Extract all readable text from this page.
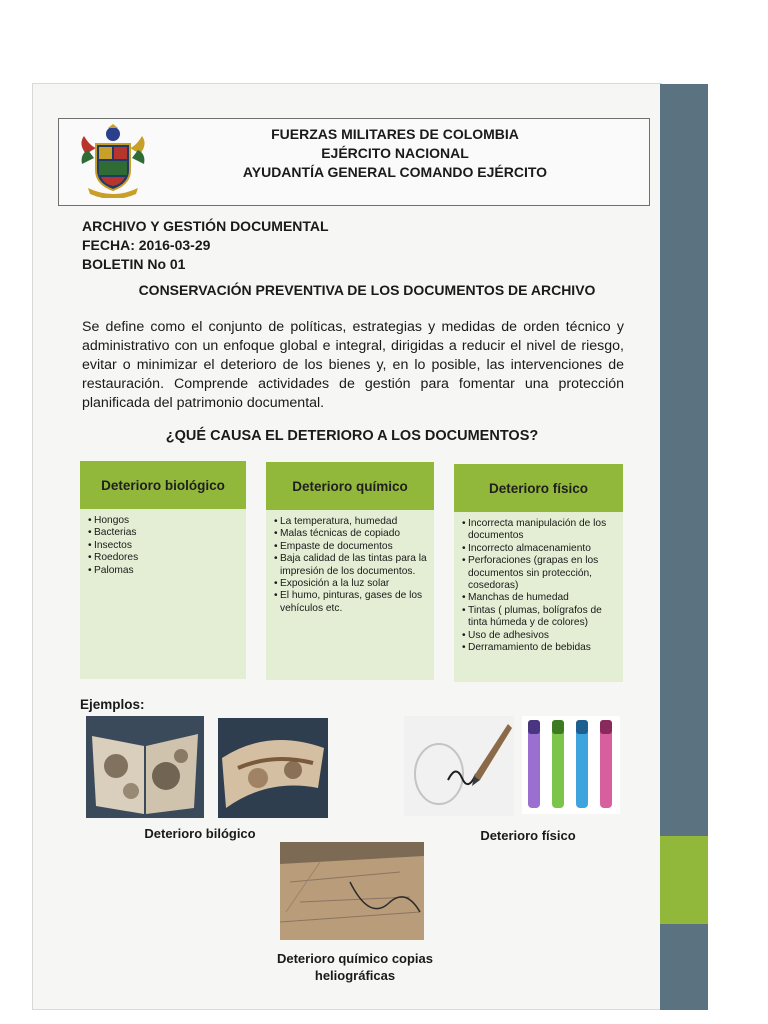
FUERZAS MILITARES DE COLOMBIA
EJÉRCITO NACIONAL
AYUDANTÍA GENERAL COMANDO EJÉRCITO
ARCHIVO Y GESTIÓN DOCUMENTAL
FECHA: 2016-03-29
BOLETIN No 01
CONSERVACIÓN PREVENTIVA DE LOS DOCUMENTOS DE ARCHIVO
Se define como el conjunto de políticas, estrategias y medidas de orden técnico y administrativo con un enfoque global e integral, dirigidas a reducir el nivel de riesgo, evitar o minimizar el deterioro de los bienes y, en lo posible, las intervenciones de restauración. Comprende actividades de gestión para fomentar una protección planificada del patrimonio documental.
¿QUÉ CAUSA EL DETERIORO A LOS DOCUMENTOS?
Deterioro biológico
• Hongos
• Bacterias
• Insectos
• Roedores
• Palomas
Deterioro químico
• La temperatura, humedad
• Malas técnicas de copiado
• Empaste de documentos
• Baja calidad de las tintas para la impresión de los documentos.
• Exposición a la luz solar
• El humo, pinturas, gases de los vehículos etc.
Deterioro físico
• Incorrecta manipulación de los documentos
• Incorrecto almacenamiento
• Perforaciones (grapas en los documentos sin protección, cosedoras)
• Manchas de humedad
• Tintas ( plumas, bolígrafos de tinta húmeda y de colores)
• Uso de adhesivos
• Derramamiento de bebidas
Ejemplos:
Deterioro bilógico	Deterioro físico
Deterioro químico copias
heliográficas
